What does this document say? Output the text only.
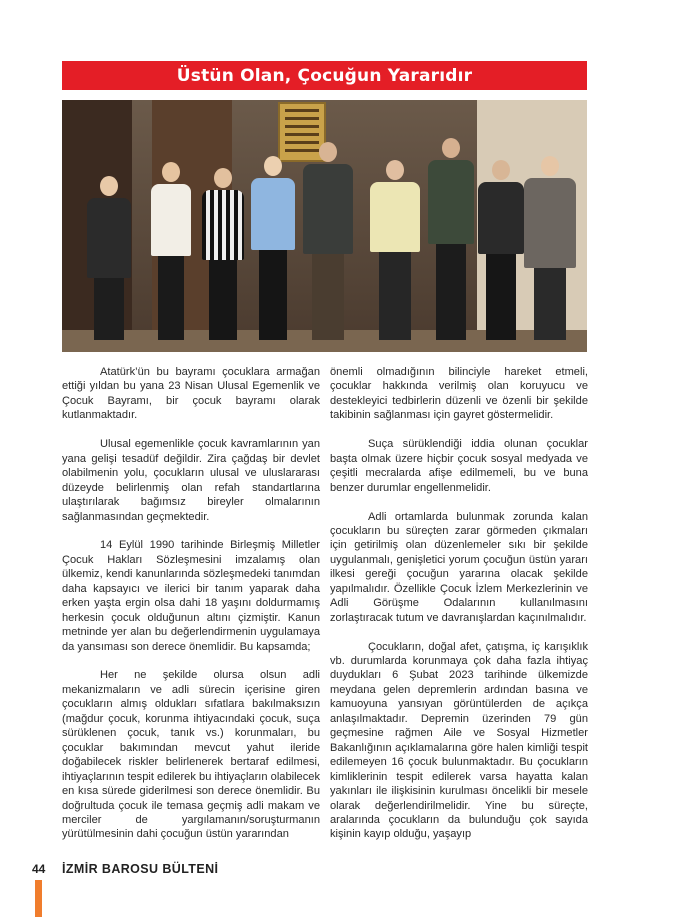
Üstün Olan, Çocuğun Yararıdır

Atatürk’ün bu bayramı çocuklara armağan ettiği yıldan bu yana 23 Nisan Ulusal Egemenlik ve Çocuk Bayramı, bir çocuk bayramı olarak kutlanmaktadır.

Ulusal egemenlikle çocuk kavramlarının yan yana gelişi tesadüf değildir. Zira çağdaş bir devlet olabilmenin yolu, çocukların ulusal ve uluslararası düzeyde belirlenmiş olan refah standartlarına ulaştırılarak bağımsız bireyler olmalarının sağlanmasından geçmektedir.

14 Eylül 1990 tarihinde Birleşmiş Milletler Çocuk Hakları Sözleşmesini imzalamış olan ülkemiz, kendi kanunlarında sözleşmedeki tanımdan daha kapsayıcı ve ilerici bir tanım yaparak daha erken yaşta ergin olsa dahi 18 yaşını doldurmamış herkesin çocuk olduğunun altını çizmiştir. Kanun metninde yer alan bu değerlendirmenin uygulamaya da yansıması son derece önemlidir. Bu kapsamda;

Her ne şekilde olursa olsun adli mekanizmaların ve adli sürecin içerisine giren çocukların almış oldukları sıfatlara bakılmaksızın (mağdur çocuk, korunma ihtiyacındaki çocuk, suça sürüklenen çocuk, tanık vs.) korunmaları, bu çocuklar bakımından mevcut yahut ileride doğabilecek riskler belirlenerek bertaraf edilmesi, ihtiyaçlarının tespit edilerek bu ihtiyaçların olabilecek en kısa sürede giderilmesi son derece önemlidir. Bu doğrultuda çocuk ile temasa geçmiş adli makam ve merciler de yargılamanın/soruşturmanın yürütülmesinin dahi çocuğun üstün yararından

önemli olmadığının bilinciyle hareket etmeli, çocuklar hakkında verilmiş olan koruyucu ve destekleyici tedbirlerin düzenli ve özenli bir şekilde takibinin sağlanması için gayret göstermelidir.

Suça sürüklendiği iddia olunan çocuklar başta olmak üzere hiçbir çocuk sosyal medyada ve çeşitli mecralarda afişe edilmemeli, bu ve buna benzer durumlar engellenmelidir.

Adli ortamlarda bulunmak zorunda kalan çocukların bu süreçten zarar görmeden çıkmaları için getirilmiş olan düzenlemeler sıkı bir şekilde uygulanmalı, genişletici yorum çocuğun üstün yararı ilkesi gereği çocuğun yararına olacak şekilde yapılmalıdır. Özellikle Çocuk İzlem Merkezlerinin ve Adli Görüşme Odalarının kullanılmasını zorlaştıracak tutum ve davranışlardan kaçınılmalıdır.

Çocukların, doğal afet, çatışma, iç karışıklık vb. durumlarda korunmaya çok daha fazla ihtiyaç duydukları 6 Şubat 2023 tarihinde ülkemizde meydana gelen depremlerin ardından basına ve kamuoyuna yansıyan görüntülerden de açıkça anlaşılmaktadır. Depremin üzerinden 79 gün geçmesine rağmen Aile ve Sosyal Hizmetler Bakanlığının açıklamalarına göre halen kimliği tespit edilemeyen 16 çocuk bulunmaktadır. Bu çocukların kimliklerinin tespit edilerek varsa hayatta kalan yakınları ile ilişkisinin kurulması öncelikli bir mesele olarak değerlendirilmelidir. Yine bu süreçte, aralarında çocukların da bulunduğu çok sayıda kişinin kayıp olduğu, yaşayıp

44 İZMİR BAROSU BÜLTENİ
